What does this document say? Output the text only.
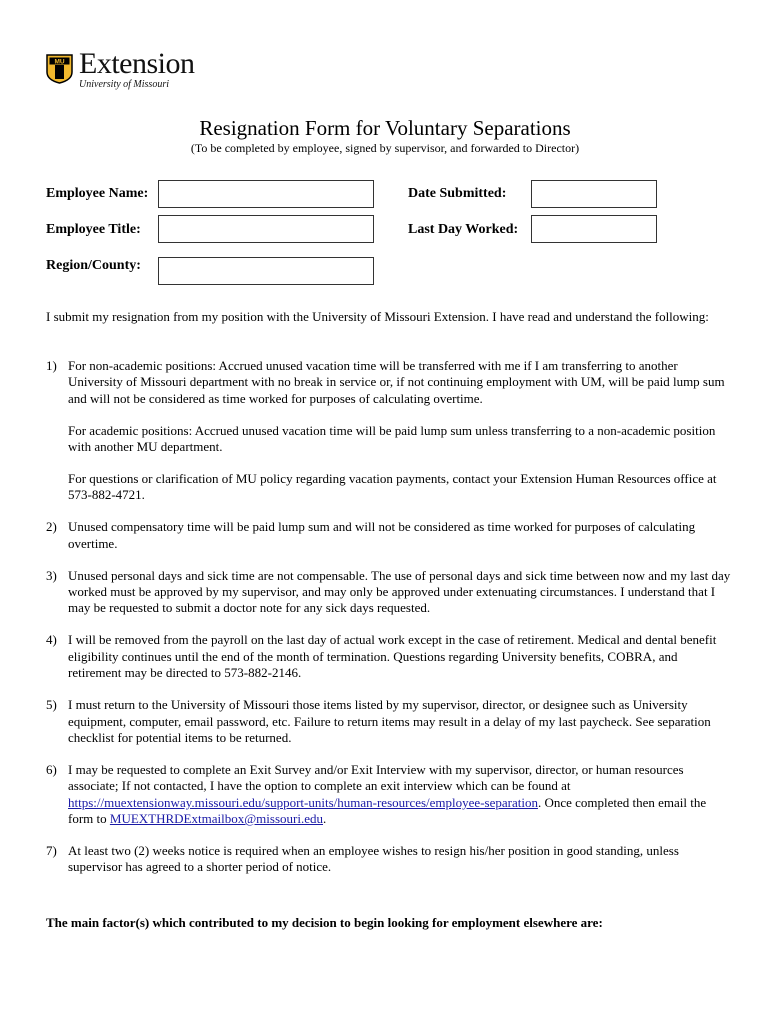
MU Extension
University of Missouri
Resignation Form for Voluntary Separations
(To be completed by employee, signed by supervisor, and forwarded to Director)
Employee Name:	Date Submitted:
Employee Title:	Last Day Worked:
Region/County:
I submit my resignation from my position with the University of Missouri Extension. I have read and understand the following:
1) For non-academic positions: Accrued unused vacation time will be transferred with me if I am transferring to another University of Missouri department with no break in service or, if not continuing employment with UM, will be paid lump sum and will not be considered as time worked for purposes of calculating overtime.

For academic positions: Accrued unused vacation time will be paid lump sum unless transferring to a non-academic position with another MU department.

For questions or clarification of MU policy regarding vacation payments, contact your Extension Human Resources office at 573-882-4721.

2) Unused compensatory time will be paid lump sum and will not be considered as time worked for purposes of calculating overtime.

3) Unused personal days and sick time are not compensable. The use of personal days and sick time between now and my last day worked must be approved by my supervisor, and may only be approved under extenuating circumstances. I understand that I may be requested to submit a doctor note for any sick days requested.

4) I will be removed from the payroll on the last day of actual work except in the case of retirement. Medical and dental benefit eligibility continues until the end of the month of termination. Questions regarding University benefits, COBRA, and retirement may be directed to 573-882-2146.

5) I must return to the University of Missouri those items listed by my supervisor, director, or designee such as University equipment, computer, email password, etc. Failure to return items may result in a delay of my last paycheck. See separation checklist for potential items to be returned.

6) I may be requested to complete an Exit Survey and/or Exit Interview with my supervisor, director, or human resources associate; If not contacted, I have the option to complete an exit interview which can be found at https://muextensionway.missouri.edu/support-units/human-resources/employee-separation. Once completed then email the form to MUEXTHRDExtmailbox@missouri.edu.

7) At least two (2) weeks notice is required when an employee wishes to resign his/her position in good standing, unless supervisor has agreed to a shorter period of notice.

The main factor(s) which contributed to my decision to begin looking for employment elsewhere are:
